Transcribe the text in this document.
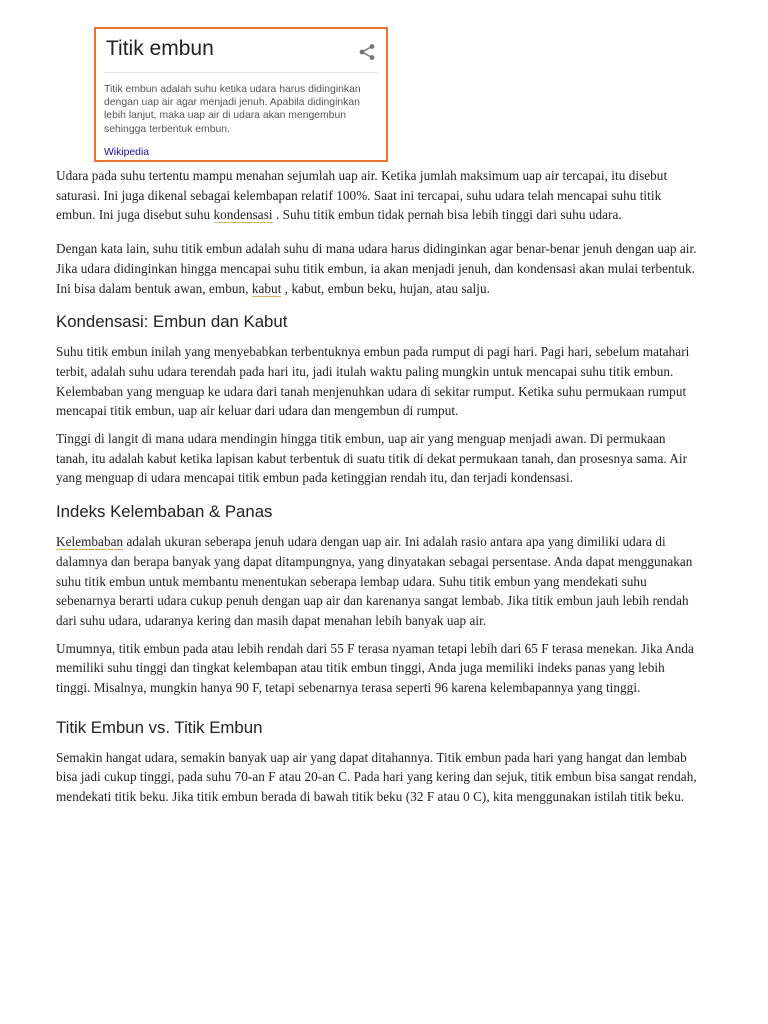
Titik embun
Titik embun adalah suhu ketika udara harus didinginkan dengan uap air agar menjadi jenuh. Apabila didinginkan lebih lanjut, maka uap air di udara akan mengembun sehingga terbentuk embun.
Wikipedia

Udara pada suhu tertentu mampu menahan sejumlah uap air. Ketika jumlah maksimum uap air tercapai, itu disebut saturasi. Ini juga dikenal sebagai kelembapan relatif 100%. Saat ini tercapai, suhu udara telah mencapai suhu titik embun. Ini juga disebut suhu kondensasi . Suhu titik embun tidak pernah bisa lebih tinggi dari suhu udara.

Dengan kata lain, suhu titik embun adalah suhu di mana udara harus didinginkan agar benar-benar jenuh dengan uap air. Jika udara didinginkan hingga mencapai suhu titik embun, ia akan menjadi jenuh, dan kondensasi akan mulai terbentuk. Ini bisa dalam bentuk awan, embun, kabut , kabut, embun beku, hujan, atau salju.

Kondensasi: Embun dan Kabut

Suhu titik embun inilah yang menyebabkan terbentuknya embun pada rumput di pagi hari. Pagi hari, sebelum matahari terbit, adalah suhu udara terendah pada hari itu, jadi itulah waktu paling mungkin untuk mencapai suhu titik embun. Kelembaban yang menguap ke udara dari tanah menjenuhkan udara di sekitar rumput. Ketika suhu permukaan rumput mencapai titik embun, uap air keluar dari udara dan mengembun di rumput.

Tinggi di langit di mana udara mendingin hingga titik embun, uap air yang menguap menjadi awan. Di permukaan tanah, itu adalah kabut ketika lapisan kabut terbentuk di suatu titik di dekat permukaan tanah, dan prosesnya sama. Air yang menguap di udara mencapai titik embun pada ketinggian rendah itu, dan terjadi kondensasi.

Indeks Kelembaban & Panas

Kelembaban adalah ukuran seberapa jenuh udara dengan uap air. Ini adalah rasio antara apa yang dimiliki udara di dalamnya dan berapa banyak yang dapat ditampungnya, yang dinyatakan sebagai persentase. Anda dapat menggunakan suhu titik embun untuk membantu menentukan seberapa lembap udara. Suhu titik embun yang mendekati suhu sebenarnya berarti udara cukup penuh dengan uap air dan karenanya sangat lembab. Jika titik embun jauh lebih rendah dari suhu udara, udaranya kering dan masih dapat menahan lebih banyak uap air.

Umumnya, titik embun pada atau lebih rendah dari 55 F terasa nyaman tetapi lebih dari 65 F terasa menekan. Jika Anda memiliki suhu tinggi dan tingkat kelembapan atau titik embun tinggi, Anda juga memiliki indeks panas yang lebih tinggi. Misalnya, mungkin hanya 90 F, tetapi sebenarnya terasa seperti 96 karena kelembapannya yang tinggi.

Titik Embun vs. Titik Embun

Semakin hangat udara, semakin banyak uap air yang dapat ditahannya. Titik embun pada hari yang hangat dan lembab bisa jadi cukup tinggi, pada suhu 70-an F atau 20-an C. Pada hari yang kering dan sejuk, titik embun bisa sangat rendah, mendekati titik beku. Jika titik embun berada di bawah titik beku (32 F atau 0 C), kita menggunakan istilah titik beku.
